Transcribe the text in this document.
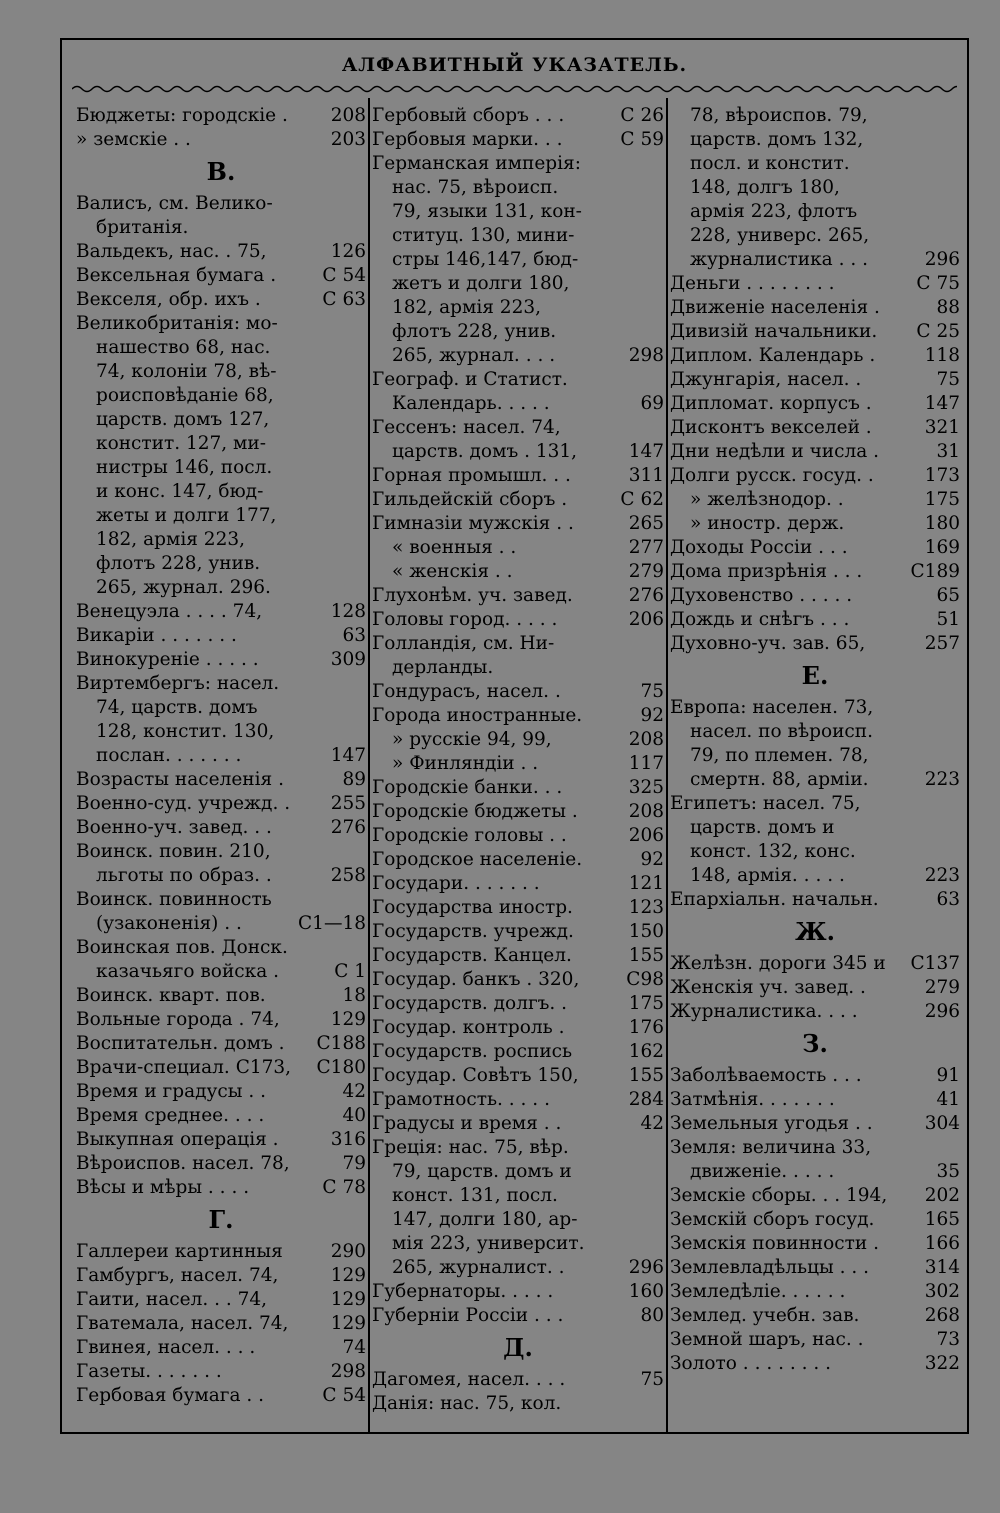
АЛФАВИТНЫЙ УКАЗАТЕЛЬ.
Бюджеты: городскіе .	208
» земскіе . .	203
В.
Валисъ, см. Велико-
британія.
Вальдекъ, нас. . 75,	126
Вексельная бумага .	С 54
Векселя, обр. ихъ .	С 63
Великобританія: мо-
нашество 68, нас.
74, колоніи 78, вѣ-
роисповѣданіе 68,
царств. домъ 127,
констит. 127, ми-
нистры 146, посл.
и конс. 147, бюд-
жеты и долги 177,
182, армія 223,
флотъ 228, унив.
265, журнал. 296.
Венецуэла . . . . 74,	128
Викаріи . . . . . . .	63
Винокуреніе . . . . .	309
Виртембергъ: насел.
74, царств. домъ
128, констит. 130,
послан. . . . . . .	147
Возрасты населенія .	89
Военно-суд. учрежд. .	255
Военно-уч. завед. . .	276
Воинск. повин. 210,
льготы по образ. .	258
Воинск. повинность
(узаконенія) . .	С1—18
Воинская пов. Донск.
казачьяго войска .	С 1
Воинск. кварт. пов.	18
Вольные города . 74,	129
Воспитательн. домъ .	С188
Врачи-специал. С173,	С180
Время и градусы . .	42
Время среднее. . . .	40
Выкупная операція .	316
Вѣроиспов. насел. 78,	79
Вѣсы и мѣры . . . .	С 78
Г.
Галлереи картинныя	290
Гамбургъ, насел. 74,	129
Гаити, насел. . . 74,	129
Гватемала, насел. 74,	129
Гвинея, насел. . . .	74
Газеты. . . . . . .	298
Гербовая бумага . .	С 54
Гербовый сборъ . . .	С 26
Гербовыя марки. . .	С 59
Германская имперія:
нас. 75, вѣроисп.
79, языки 131, кон-
ституц. 130, мини-
стры 146,147, бюд-
жетъ и долги 180,
182, армія 223,
флотъ 228, унив.
265, журнал. . . .	298
Географ. и Статист.
Календарь. . . . .	69
Гессенъ: насел. 74,
царств. домъ . 131,	147
Горная промышл. . .	311
Гильдейскій сборъ .	С 62
Гимназіи мужскія . .	265
« военныя . .	277
« женскія . .	279
Глухонѣм. уч. завед.	276
Головы город. . . . .	206
Голландія, см. Ни-
дерланды.
Гондурасъ, насел. .	75
Города иностранные.	92
» русскіе 94, 99,	208
» Финляндіи . .	117
Городскіе банки. . .	325
Городскіе бюджеты .	208
Городскіе головы . .	206
Городское населеніе.	92
Государи. . . . . . .	121
Государства иностр.	123
Государств. учрежд.	150
Государств. Канцел.	155
Государ. банкъ . 320,	С98
Государств. долгъ. .	175
Государ. контроль .	176
Государств. роспись	162
Государ. Совѣтъ 150,	155
Грамотность. . . . .	284
Градусы и время . .	42
Греція: нас. 75, вѣр.
79, царств. домъ и
конст. 131, посл.
147, долги 180, ар-
мія 223, университ.
265, журналист. .	296
Губернаторы. . . . .	160
Губерніи Россіи . . .	80
Д.
Дагомея, насел. . . .	75
Данія: нас. 75, кол.
78, вѣроиспов. 79,
царств. домъ 132,
посл. и констит.
148, долгъ 180,
армія 223, флотъ
228, универс. 265,
журналистика . . .	296
Деньги . . . . . . . .	С 75
Движеніе населенія .	88
Дивизій начальники.	С 25
Диплом. Календарь .	118
Джунгарія, насел. .	75
Дипломат. корпусъ .	147
Дисконтъ векселей .	321
Дни недѣли и числа .	31
Долги русск. госуд. .	173
» желѣзнодор. .	175
» иностр. держ.	180
Доходы Россіи . . .	169
Дома призрѣнія . . .	С189
Духовенство . . . . .	65
Дождь и снѣгъ . . .	51
Духовно-уч. зав. 65,	257
Е.
Европа: населен. 73,
насел. по вѣроисп.
79, по племен. 78,
смертн. 88, арміи.	223
Египетъ: насел. 75,
царств. домъ и
конст. 132, конс.
148, армія. . . . .	223
Епархіальн. начальн.	63
Ж.
Желѣзн. дороги 345 и	С137
Женскія уч. завед. .	279
Журналистика. . . .	296
З.
Заболѣваемость . . .	91
Затмѣнія. . . . . . .	41
Земельныя угодья . .	304
Земля: величина 33,
движеніе. . . . .	35
Земскіе сборы. . . 194,	202
Земскій сборъ госуд.	165
Земскія повинности .	166
Землевладѣльцы . . .	314
Земледѣліе. . . . . .	302
Землед. учебн. зав.	268
Земной шаръ, нас. .	73
Золото . . . . . . . .	322
